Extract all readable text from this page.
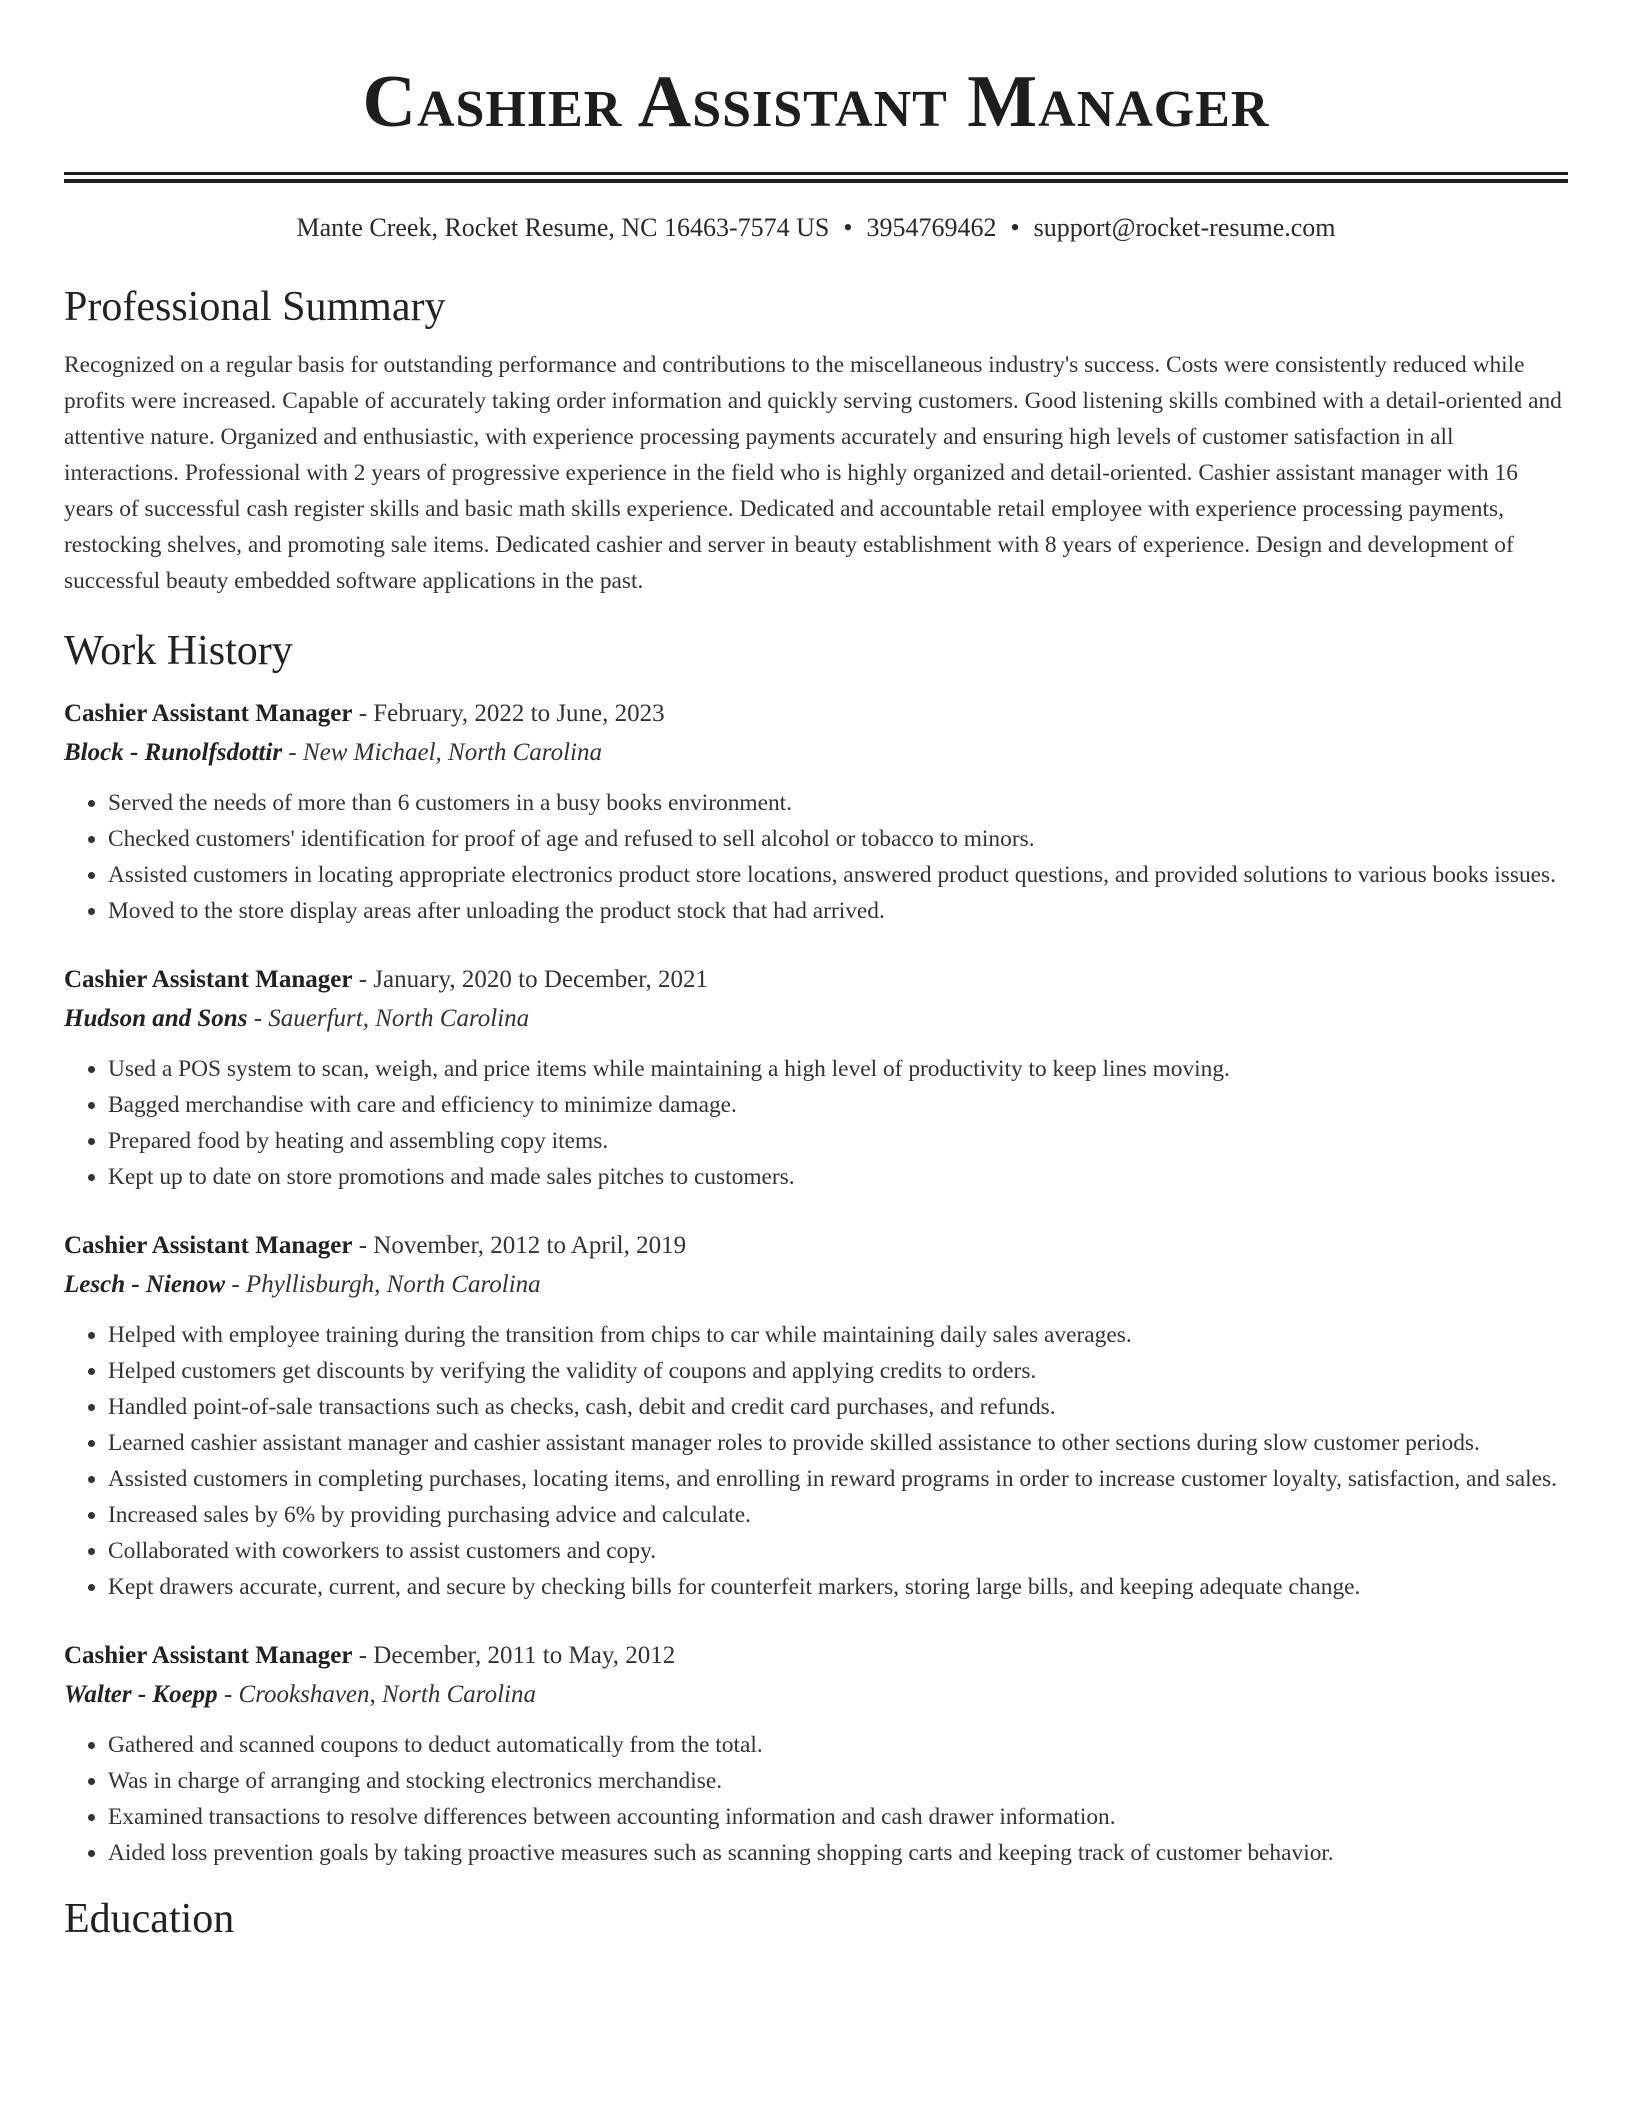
Cashier Assistant Manager
Mante Creek, Rocket Resume, NC 16463-7574 US • 3954769462 • support@rocket-resume.com
Professional Summary

Recognized on a regular basis for outstanding performance and contributions to the miscellaneous industry's success. Costs were consistently reduced while profits were increased. Capable of accurately taking order information and quickly serving customers. Good listening skills combined with a detail-oriented and attentive nature. Organized and enthusiastic, with experience processing payments accurately and ensuring high levels of customer satisfaction in all interactions. Professional with 2 years of progressive experience in the field who is highly organized and detail-oriented. Cashier assistant manager with 16 years of successful cash register skills and basic math skills experience. Dedicated and accountable retail employee with experience processing payments, restocking shelves, and promoting sale items. Dedicated cashier and server in beauty establishment with 8 years of experience. Design and development of successful beauty embedded software applications in the past.

Work History
Cashier Assistant Manager - February, 2022 to June, 2023
Block - Runolfsdottir - New Michael, North Carolina
• Served the needs of more than 6 customers in a busy books environment.
• Checked customers' identification for proof of age and refused to sell alcohol or tobacco to minors.
• Assisted customers in locating appropriate electronics product store locations, answered product questions, and provided solutions to various books issues.
• Moved to the store display areas after unloading the product stock that had arrived.
Cashier Assistant Manager - January, 2020 to December, 2021
Hudson and Sons - Sauerfurt, North Carolina
• Used a POS system to scan, weigh, and price items while maintaining a high level of productivity to keep lines moving.
• Bagged merchandise with care and efficiency to minimize damage.
• Prepared food by heating and assembling copy items.
• Kept up to date on store promotions and made sales pitches to customers.
Cashier Assistant Manager - November, 2012 to April, 2019
Lesch - Nienow - Phyllisburgh, North Carolina
• Helped with employee training during the transition from chips to car while maintaining daily sales averages.
• Helped customers get discounts by verifying the validity of coupons and applying credits to orders.
• Handled point-of-sale transactions such as checks, cash, debit and credit card purchases, and refunds.
• Learned cashier assistant manager and cashier assistant manager roles to provide skilled assistance to other sections during slow customer periods.
• Assisted customers in completing purchases, locating items, and enrolling in reward programs in order to increase customer loyalty, satisfaction, and sales.
• Increased sales by 6% by providing purchasing advice and calculate.
• Collaborated with coworkers to assist customers and copy.
• Kept drawers accurate, current, and secure by checking bills for counterfeit markers, storing large bills, and keeping adequate change.
Cashier Assistant Manager - December, 2011 to May, 2012
Walter - Koepp - Crookshaven, North Carolina
• Gathered and scanned coupons to deduct automatically from the total.
• Was in charge of arranging and stocking electronics merchandise.
• Examined transactions to resolve differences between accounting information and cash drawer information.
• Aided loss prevention goals by taking proactive measures such as scanning shopping carts and keeping track of customer behavior.
Education
